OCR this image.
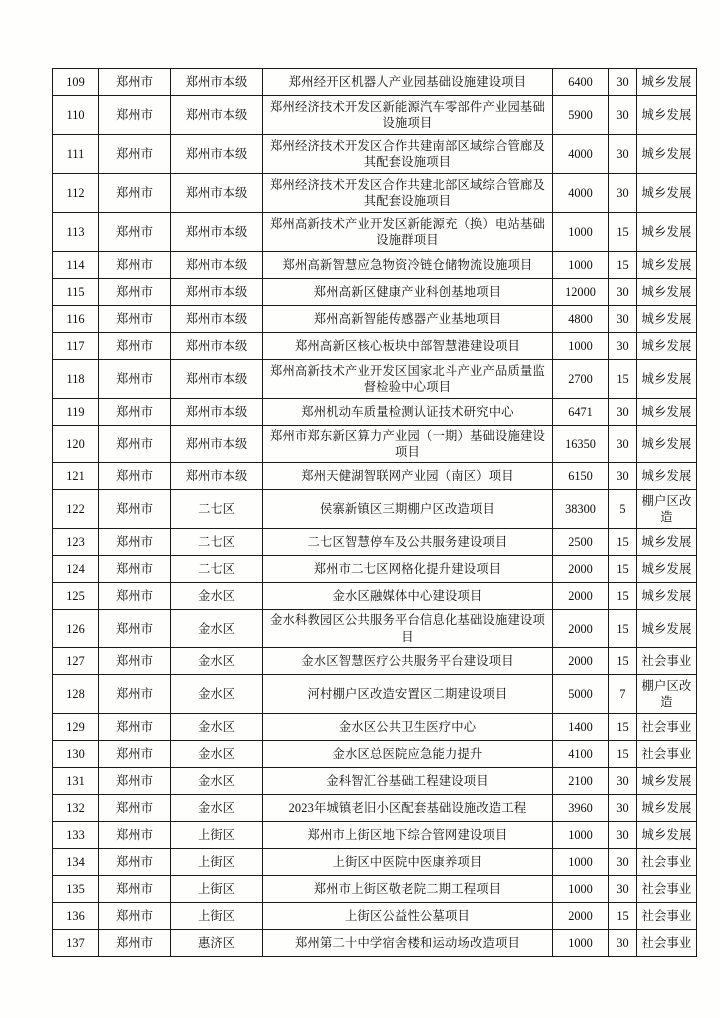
109	郑州市	郑州市本级	郑州经开区机器人产业园基础设施建设项目	6400	30	城乡发展
110	郑州市	郑州市本级	郑州经济技术开发区新能源汽车零部件产业园基础设施项目	5900	30	城乡发展
111	郑州市	郑州市本级	郑州经济技术开发区合作共建南部区域综合管廊及其配套设施项目	4000	30	城乡发展
112	郑州市	郑州市本级	郑州经济技术开发区合作共建北部区域综合管廊及其配套设施项目	4000	30	城乡发展
113	郑州市	郑州市本级	郑州高新技术产业开发区新能源充（换）电站基础设施群项目	1000	15	城乡发展
114	郑州市	郑州市本级	郑州高新智慧应急物资冷链仓储物流设施项目	1000	15	城乡发展
115	郑州市	郑州市本级	郑州高新区健康产业科创基地项目	12000	30	城乡发展
116	郑州市	郑州市本级	郑州高新智能传感器产业基地项目	4800	30	城乡发展
117	郑州市	郑州市本级	郑州高新区核心板块中部智慧港建设项目	1000	30	城乡发展
118	郑州市	郑州市本级	郑州高新技术产业开发区国家北斗产业产品质量监督检验中心项目	2700	15	城乡发展
119	郑州市	郑州市本级	郑州机动车质量检测认证技术研究中心	6471	30	城乡发展
120	郑州市	郑州市本级	郑州市郑东新区算力产业园（一期）基础设施建设项目	16350	30	城乡发展
121	郑州市	郑州市本级	郑州天健湖智联网产业园（南区）项目	6150	30	城乡发展
122	郑州市	二七区	侯寨新镇区三期棚户区改造项目	38300	5	棚户区改造
123	郑州市	二七区	二七区智慧停车及公共服务建设项目	2500	15	城乡发展
124	郑州市	二七区	郑州市二七区网格化提升建设项目	2000	15	城乡发展
125	郑州市	金水区	金水区融媒体中心建设项目	2000	15	城乡发展
126	郑州市	金水区	金水科教园区公共服务平台信息化基础设施建设项目	2000	15	城乡发展
127	郑州市	金水区	金水区智慧医疗公共服务平台建设项目	2000	15	社会事业
128	郑州市	金水区	河村棚户区改造安置区二期建设项目	5000	7	棚户区改造
129	郑州市	金水区	金水区公共卫生医疗中心	1400	15	社会事业
130	郑州市	金水区	金水区总医院应急能力提升	4100	15	社会事业
131	郑州市	金水区	金科智汇谷基础工程建设项目	2100	30	城乡发展
132	郑州市	金水区	2023年城镇老旧小区配套基础设施改造工程	3960	30	城乡发展
133	郑州市	上街区	郑州市上街区地下综合管网建设项目	1000	30	城乡发展
134	郑州市	上街区	上街区中医院中医康养项目	1000	30	社会事业
135	郑州市	上街区	郑州市上街区敬老院二期工程项目	1000	30	社会事业
136	郑州市	上街区	上街区公益性公墓项目	2000	15	社会事业
137	郑州市	惠济区	郑州第二十中学宿舍楼和运动场改造项目	1000	30	社会事业
